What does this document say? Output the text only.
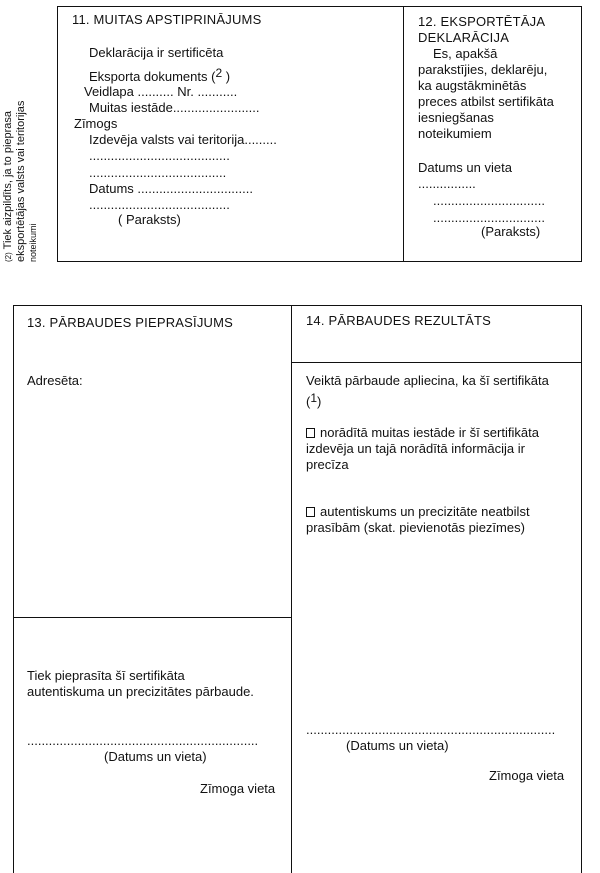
(2) Tiek aizpildīts, ja to pieprasa eksportētājas valsts vai teritorijas noteikumi
11. MUITAS APSTIPRINĀJUMS
Deklarācija ir sertificēta
Eksporta dokuments (2 )
Veidlapa .......... Nr. ...........
Muitas iestāde........................
Zīmogs
Izdevēja valsts vai teritorija.........
.......................................
......................................
Datums ................................
.......................................
( Paraksts)
12. EKSPORTĒTĀJA
DEKLARĀCIJA
Es, apakšā
parakstījies, deklarēju,
ka augstākminētās
preces atbilst sertifikāta
iesniegšanas
noteikumiem
Datums un vieta
................
...............................
...............................
(Paraksts)
13. PĀRBAUDES PIEPRASĪJUMS
Adresēta:
Tiek pieprasīta šī sertifikāta
autentiskuma un precizitātes pārbaude.
................................................................
(Datums un vieta)
Zīmoga vieta
14. PĀRBAUDES REZULTĀTS
Veiktā pārbaude apliecina, ka šī sertifikāta
(1)
norādītā muitas iestāde ir šī sertifikāta
izdevēja un tajā norādītā informācija ir
precīza
autentiskums un precizitāte neatbilst
prasībām (skat. pievienotās piezīmes)
.....................................................................
(Datums un vieta)
Zīmoga vieta
